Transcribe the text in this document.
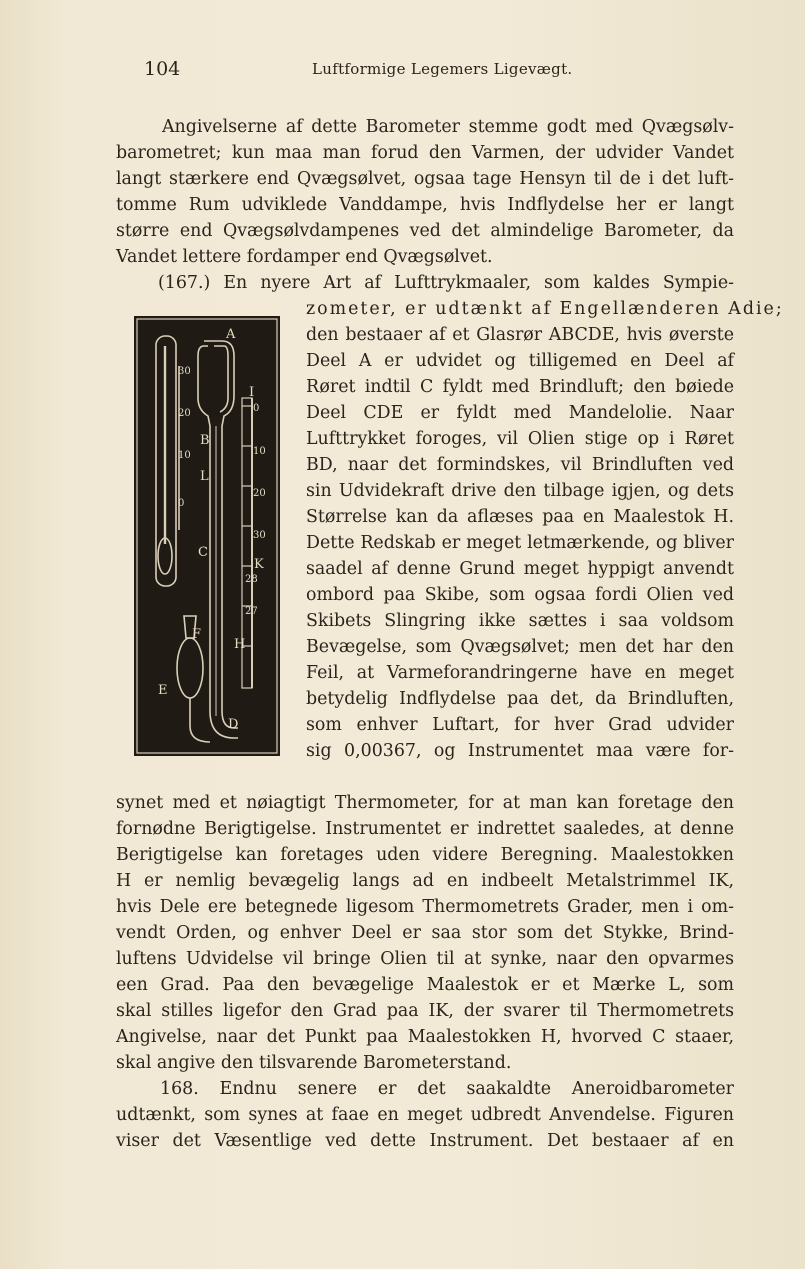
104	Luftformige Legemers Ligevægt.
Angivelserne af dette Barometer stemme godt med Qvægsølv-
barometret; kun maa man forud den Varmen, der udvider Vandet
langt stærkere end Qvægsølvet, ogsaa tage Hensyn til de i det luft-
tomme Rum udviklede Vanddampe, hvis Indflydelse her er langt
større end Qvægsølvdampenes ved det almindelige Barometer, da
Vandet lettere fordamper end Qvægsølvet.
(167.) En nyere Art af Lufttrykmaaler, som kaldes Sympie-
zometer, er udtænkt af Engellænderen Adie;
den bestaaer af et Glasrør ABCDE, hvis øverste
Deel A er udvidet og tilligemed en Deel af
Røret indtil C fyldt med Brindluft; den bøiede
Deel CDE er fyldt med Mandelolie. Naar
Lufttrykket foroges, vil Olien stige op i Røret
BD, naar det formindskes, vil Brindluften ved
sin Udvidekraft drive den tilbage igjen, og dets
Størrelse kan da aflæses paa en Maalestok H.
Dette Redskab er meget letmærkende, og bliver
saadel af denne Grund meget hyppigt anvendt
ombord paa Skibe, som ogsaa fordi Olien ved
Skibets Slingring ikke sættes i saa voldsom
Bevægelse, som Qvægsølvet; men det har den
Feil, at Varmeforandringerne have en meget
betydelig Indflydelse paa det, da Brindluften,
som enhver Luftart, for hver Grad udvider
sig 0,00367, og Instrumentet maa være for-
A
I
B
L
C
K
F
H
E
D
30
20
10
0
0
10
20
30
28
27
synet med et nøiagtigt Thermometer, for at man kan foretage den
fornødne Berigtigelse. Instrumentet er indrettet saaledes, at denne
Berigtigelse kan foretages uden videre Beregning. Maalestokken
H er nemlig bevægelig langs ad en indbeelt Metalstrimmel IK,
hvis Dele ere betegnede ligesom Thermometrets Grader, men i om-
vendt Orden, og enhver Deel er saa stor som det Stykke, Brind-
luftens Udvidelse vil bringe Olien til at synke, naar den opvarmes
een Grad. Paa den bevægelige Maalestok er et Mærke L, som
skal stilles ligefor den Grad paa IK, der svarer til Thermometrets
Angivelse, naar det Punkt paa Maalestokken H, hvorved C staaer,
skal angive den tilsvarende Barometerstand.
168. Endnu senere er det saakaldte Aneroidbarometer
udtænkt, som synes at faae en meget udbredt Anvendelse. Figuren
viser det Væsentlige ved dette Instrument. Det bestaaer af en
